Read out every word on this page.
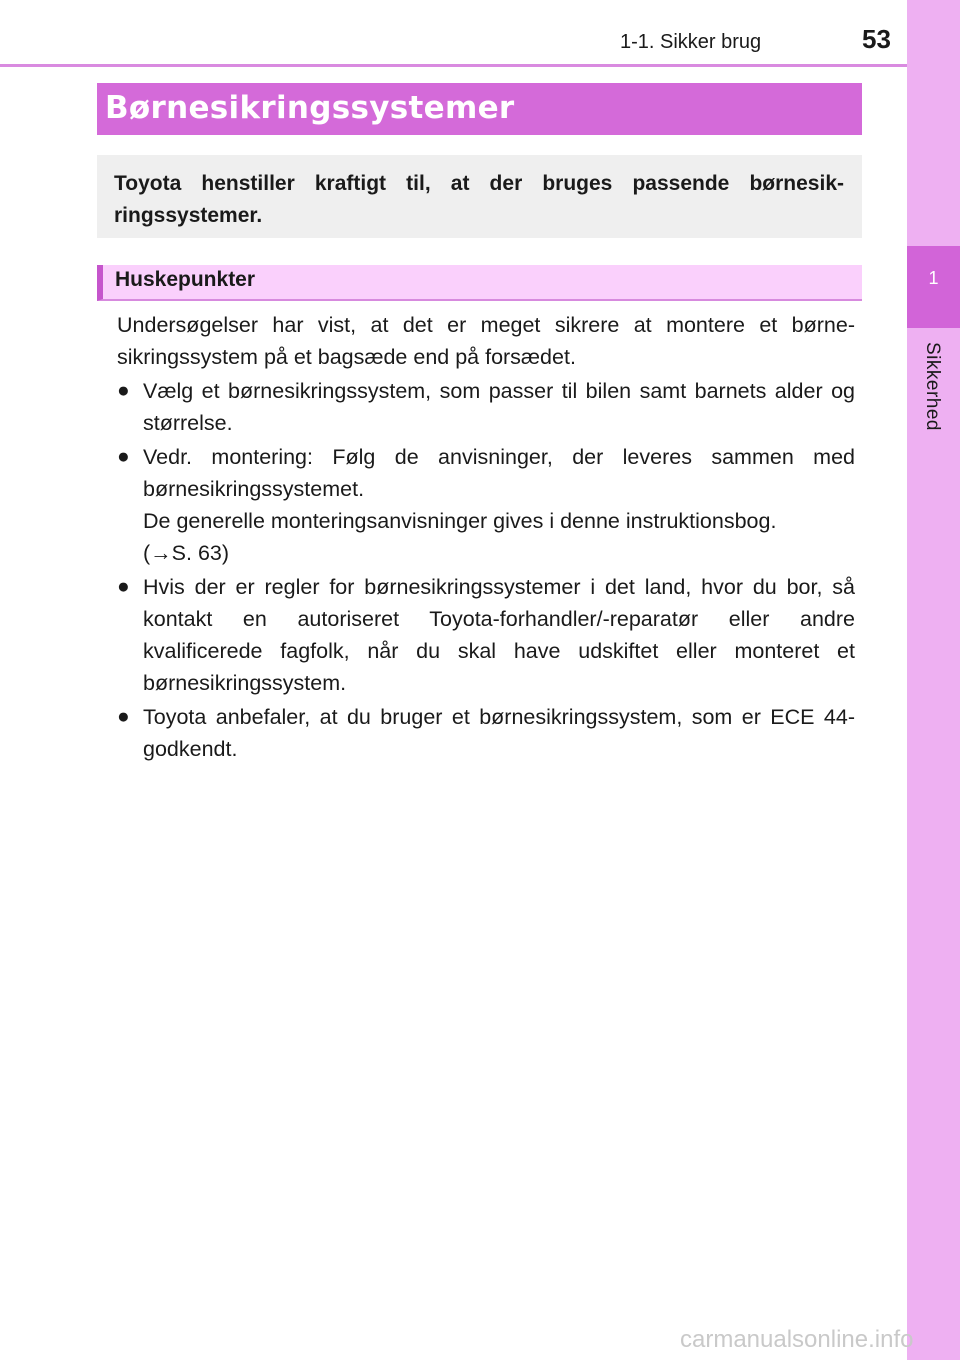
1-1. Sikker brug	53
1
Sikkerhed
Børnesikringssystemer
Toyota henstiller kraftigt til, at der bruges passende børnesik-ringssystemer.
Huskepunkter

Undersøgelser har vist, at det er meget sikrere at montere et børne-sikringssystem på et bagsæde end på forsædet.

● Vælg et børnesikringssystem, som passer til bilen samt barnets alder og størrelse.

● Vedr. montering: Følg de anvisninger, der leveres sammen med børnesikringssystemet.

De generelle monteringsanvisninger gives i denne instruktionsbog.

(→S. 63)

● Hvis der er regler for børnesikringssystemer i det land, hvor du bor, så kontakt en autoriseret Toyota-forhandler/-reparatør eller andre kvalificerede fagfolk, når du skal have udskiftet eller monteret et børnesikringssystem.

● Toyota anbefaler, at du bruger et børnesikringssystem, som er ECE 44-godkendt.

carmanualsonline.info
